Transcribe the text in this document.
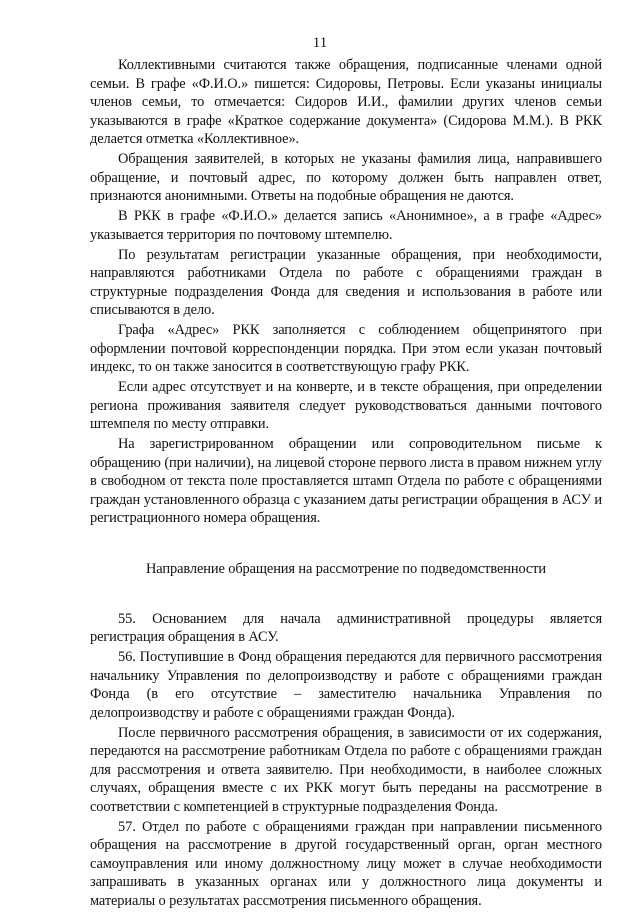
11

Коллективными считаются также обращения, подписанные членами одной семьи. В графе «Ф.И.О.» пишется: Сидоровы, Петровы. Если указаны инициалы членов семьи, то отмечается: Сидоров И.И., фамилии других членов семьи указываются в графе «Краткое содержание документа» (Сидорова М.М.). В РКК делается отметка «Коллективное».

Обращения заявителей, в которых не указаны фамилия лица, направившего обращение, и почтовый адрес, по которому должен быть направлен ответ, признаются анонимными. Ответы на подобные обращения не даются.

В РКК в графе «Ф.И.О.» делается запись «Анонимное», а в графе «Адрес» указывается территория по почтовому штемпелю.

По результатам регистрации указанные обращения, при необходимости, направляются работниками Отдела по работе с обращениями граждан в структурные подразделения Фонда для сведения и использования в работе или списываются в дело.

Графа «Адрес» РКК заполняется с соблюдением общепринятого при оформлении почтовой корреспонденции порядка. При этом если указан почтовый индекс, то он также заносится в соответствующую графу РКК.

Если адрес отсутствует и на конверте, и в тексте обращения, при определении региона проживания заявителя следует руководствоваться данными почтового штемпеля по месту отправки.

На зарегистрированном обращении или сопроводительном письме к обращению (при наличии), на лицевой стороне первого листа в правом нижнем углу в свободном от текста поле проставляется штамп Отдела по работе с обращениями граждан установленного образца с указанием даты регистрации обращения в АСУ и регистрационного номера обращения.

Направление обращения на рассмотрение по подведомственности

55. Основанием для начала административной процедуры является регистрация обращения в АСУ.

56. Поступившие в Фонд обращения передаются для первичного рассмотрения начальнику Управления по делопроизводству и работе с обращениями граждан Фонда (в его отсутствие – заместителю начальника Управления по делопроизводству и работе с обращениями граждан Фонда).

После первичного рассмотрения обращения, в зависимости от их содержания, передаются на рассмотрение работникам Отдела по работе с обращениями граждан для рассмотрения и ответа заявителю. При необходимости, в наиболее сложных случаях, обращения вместе с их РКК могут быть переданы на рассмотрение в соответствии с компетенцией в структурные подразделения Фонда.

57. Отдел по работе с обращениями граждан при направлении письменного обращения на рассмотрение в другой государственный орган, орган местного самоуправления или иному должностному лицу может в случае необходимости запрашивать в указанных органах или у должностного лица документы и материалы о результатах рассмотрения письменного обращения.
